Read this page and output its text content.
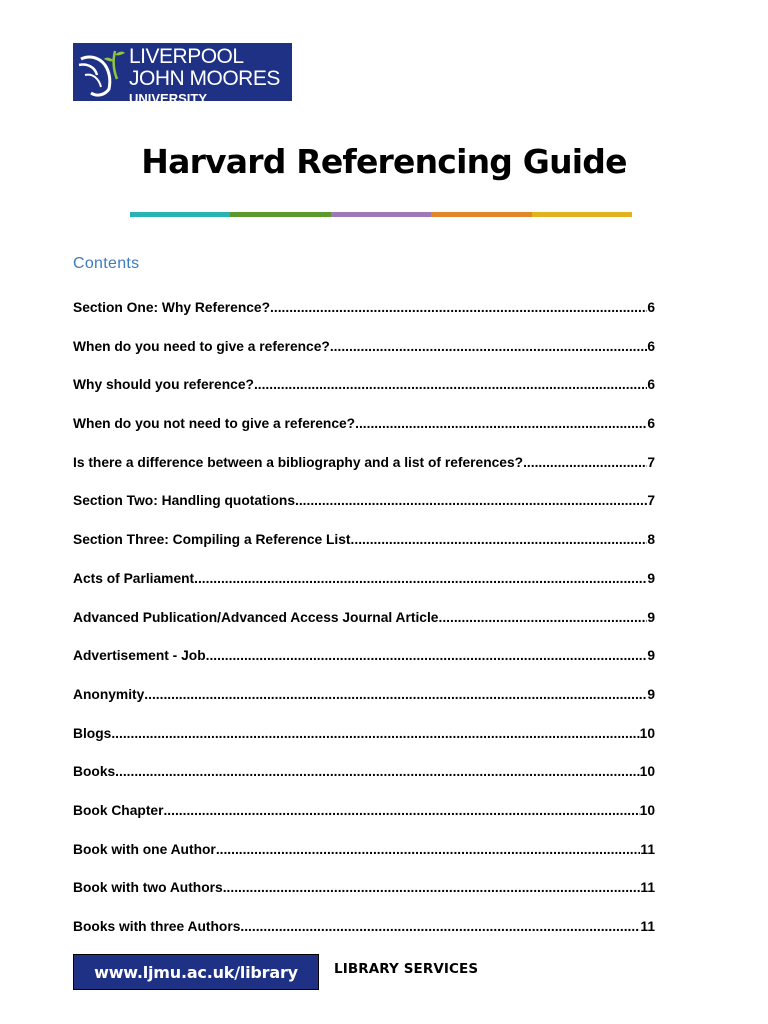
LIVERPOOL
JOHN MOORES
UNIVERSITY
Harvard Referencing Guide
Contents
Section One: Why Reference? .....	6
When do you need to give a reference? .....	6
Why should you reference? .....	6
When do you not need to give a reference? .....	6
Is there a difference between a bibliography and a list of references? .....	7
Section Two: Handling quotations .....	7
Section Three: Compiling a Reference List .....	8
Acts of Parliament .....	9
Advanced Publication/Advanced Access Journal Article .....	9
Advertisement - Job .....	9
Anonymity .....	9
Blogs .....	10
Books .....	10
Book Chapter .....	10
Book with one Author .....	11
Book with two Authors .....	11
Books with three Authors .....	11
www.ljmu.ac.uk/library	LIBRARY SERVICES
